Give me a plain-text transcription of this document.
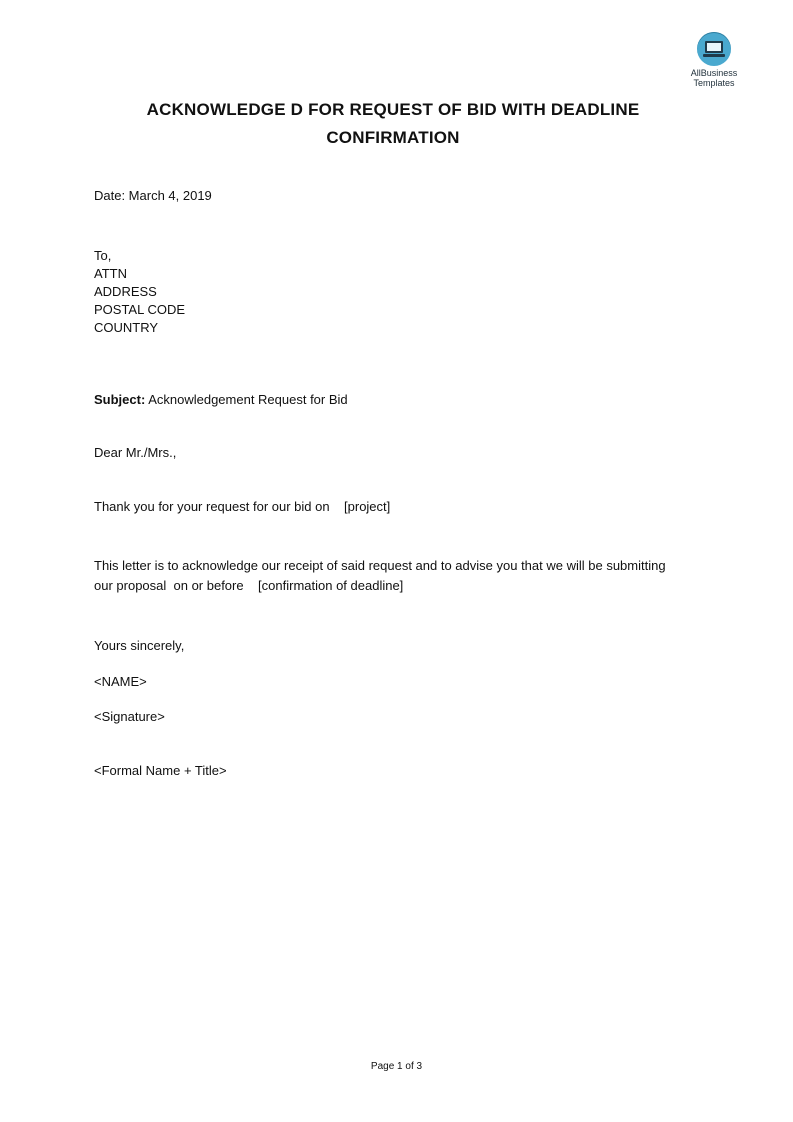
AllBusiness
Templates
ACKNOWLEDGE D FOR REQUEST OF BID WITH DEADLINE CONFIRMATION
Date: March 4, 2019
To,
ATTN
ADDRESS
POSTAL CODE
COUNTRY
Subject: Acknowledgement Request for Bid
Dear Mr./Mrs.,
Thank you for your request for our bid on    [project]
This letter is to acknowledge our receipt of said request and to advise you that we will be submitting
our proposal  on or before    [confirmation of deadline]
Yours sincerely,
<NAME>
<Signature>
<Formal Name + Title>
Page 1 of 3
